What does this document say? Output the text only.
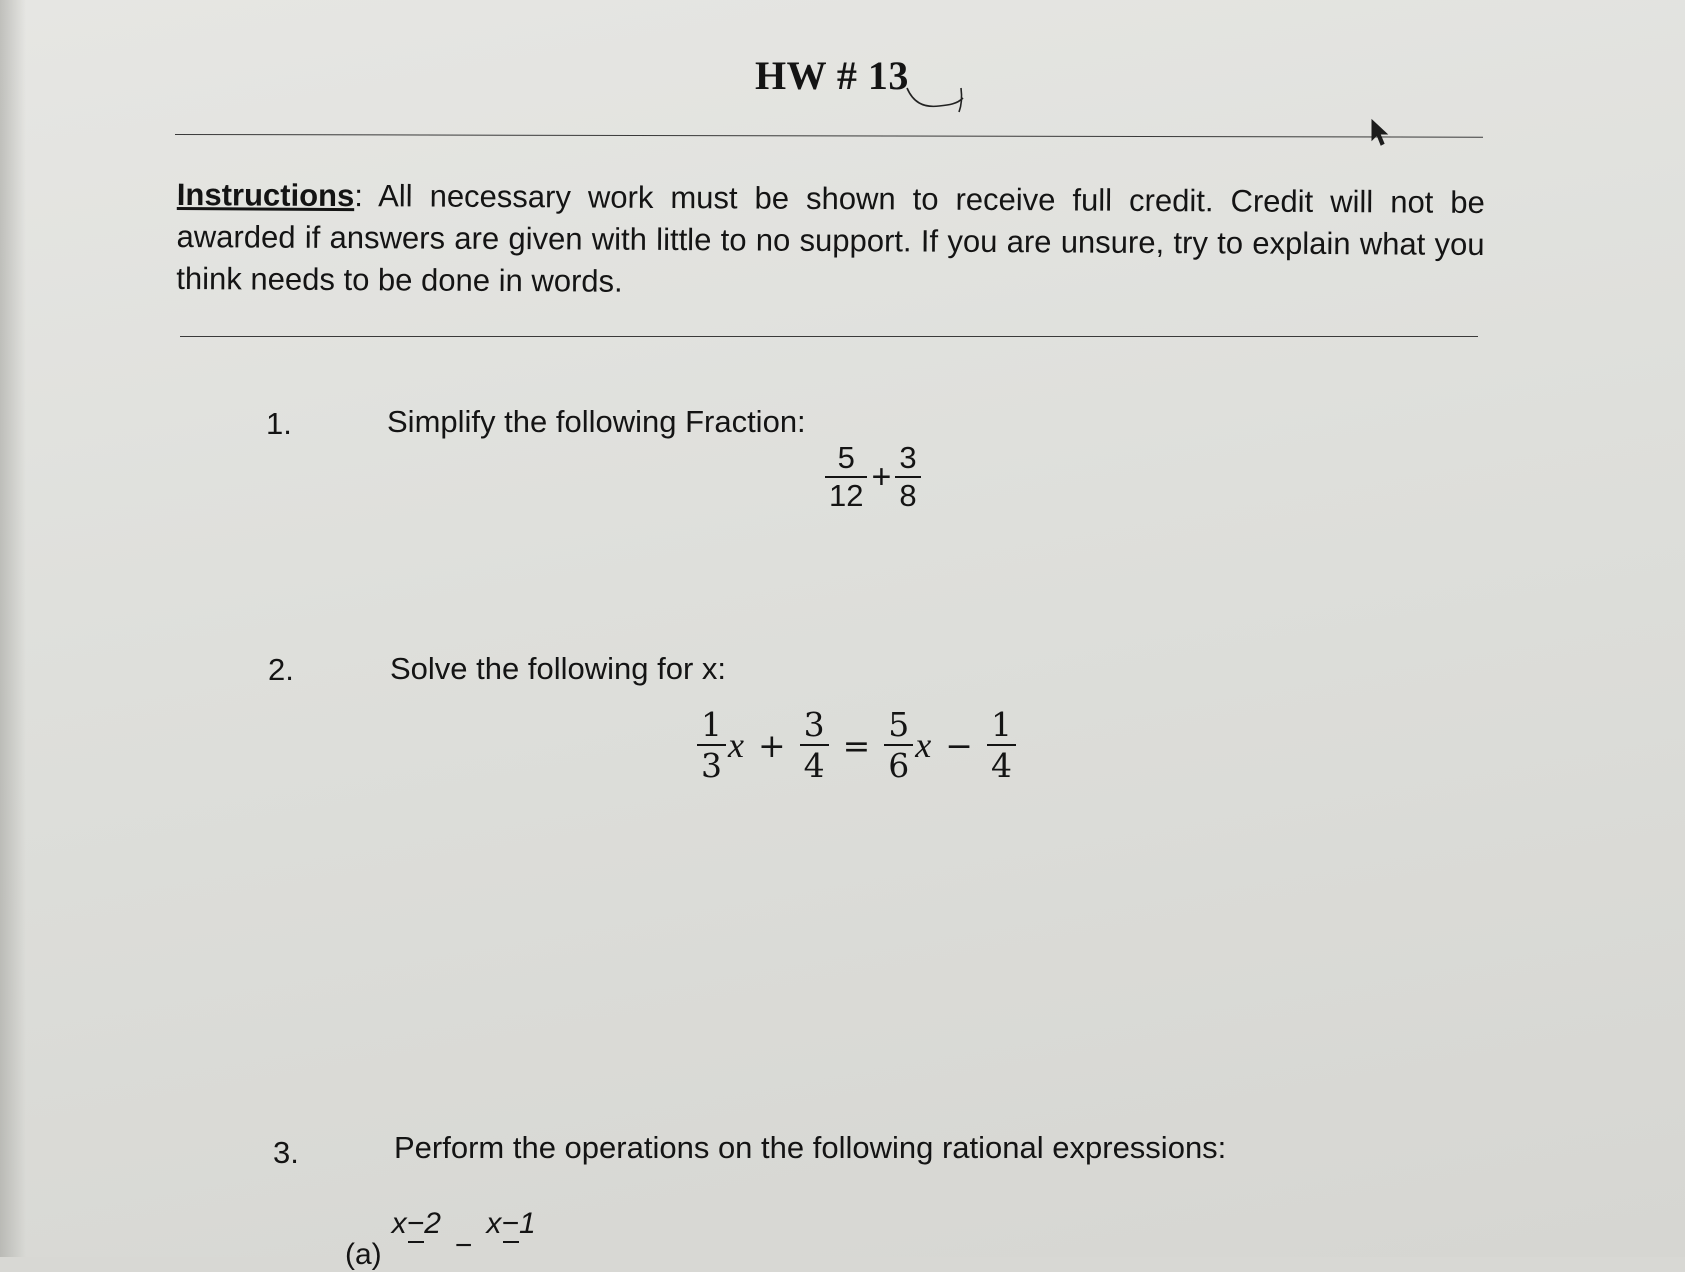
HW # 13
Instructions: All necessary work must be shown to receive full credit. Credit will not be awarded if answers are given with little to no support. If you are unsure, try to explain what you think needs to be done in words.
1.	Simplify the following Fraction:
$\frac{5}{12} + \frac{3}{8}$
2.	Solve the following for x:
$\frac{1}{3}$ $x + \frac{3}{4} = \frac{5}{6}$ $x - \frac{1}{4}$
3.	Perform the operations on the following rational expressions:
(a)
x−2

−
x−1
